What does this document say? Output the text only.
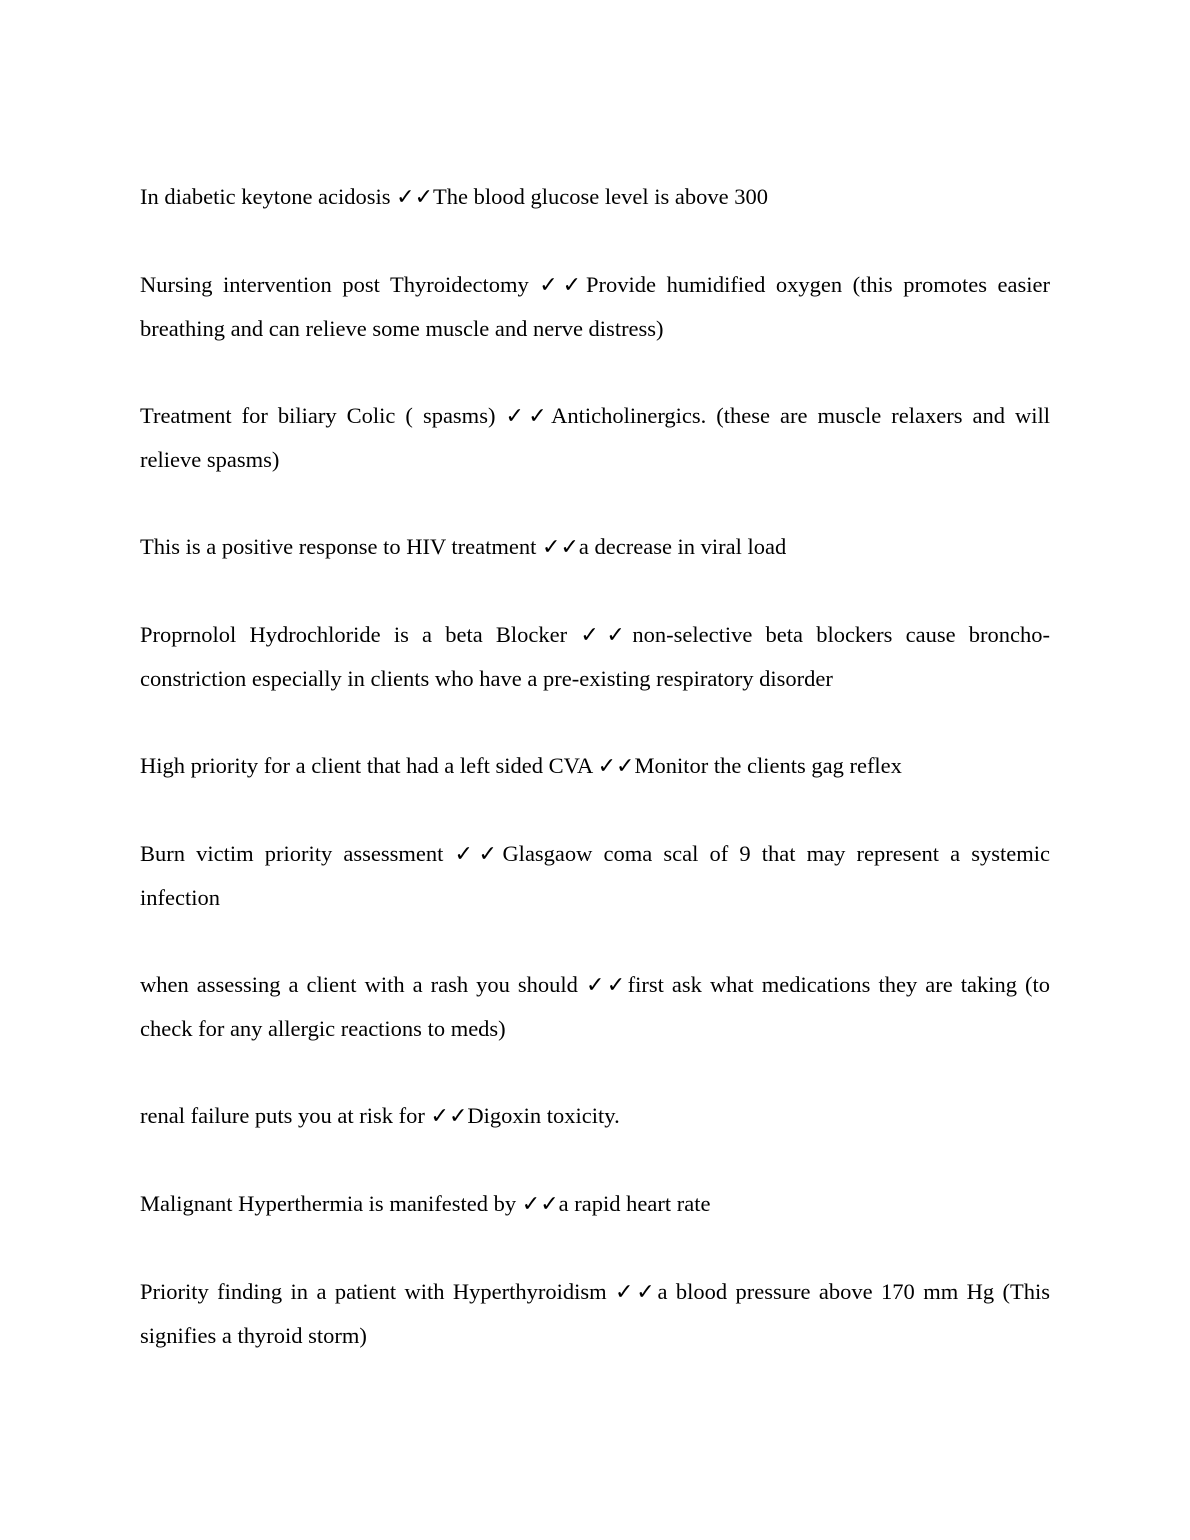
In diabetic keytone acidosis ✓✓The blood glucose level is above 300

Nursing intervention post Thyroidectomy ✓✓Provide humidified oxygen (this promotes easier breathing and can relieve some muscle and nerve distress)

Treatment for biliary Colic ( spasms) ✓✓Anticholinergics. (these are muscle relaxers and will relieve spasms)

This is a positive response to HIV treatment ✓✓a decrease in viral load

Proprnolol Hydrochloride is a beta Blocker ✓✓non-selective beta blockers cause broncho-constriction especially in clients who have a pre-existing respiratory disorder

High priority for a client that had a left sided CVA ✓✓Monitor the clients gag reflex

Burn victim priority assessment ✓✓Glasgaow coma scal of 9 that may represent a systemic infection

when assessing a client with a rash you should ✓✓first ask what medications they are taking (to check for any allergic reactions to meds)

renal failure puts you at risk for ✓✓Digoxin toxicity.

Malignant Hyperthermia is manifested by ✓✓a rapid heart rate

Priority finding in a patient with Hyperthyroidism ✓✓a blood pressure above 170 mm Hg (This signifies a thyroid storm)
